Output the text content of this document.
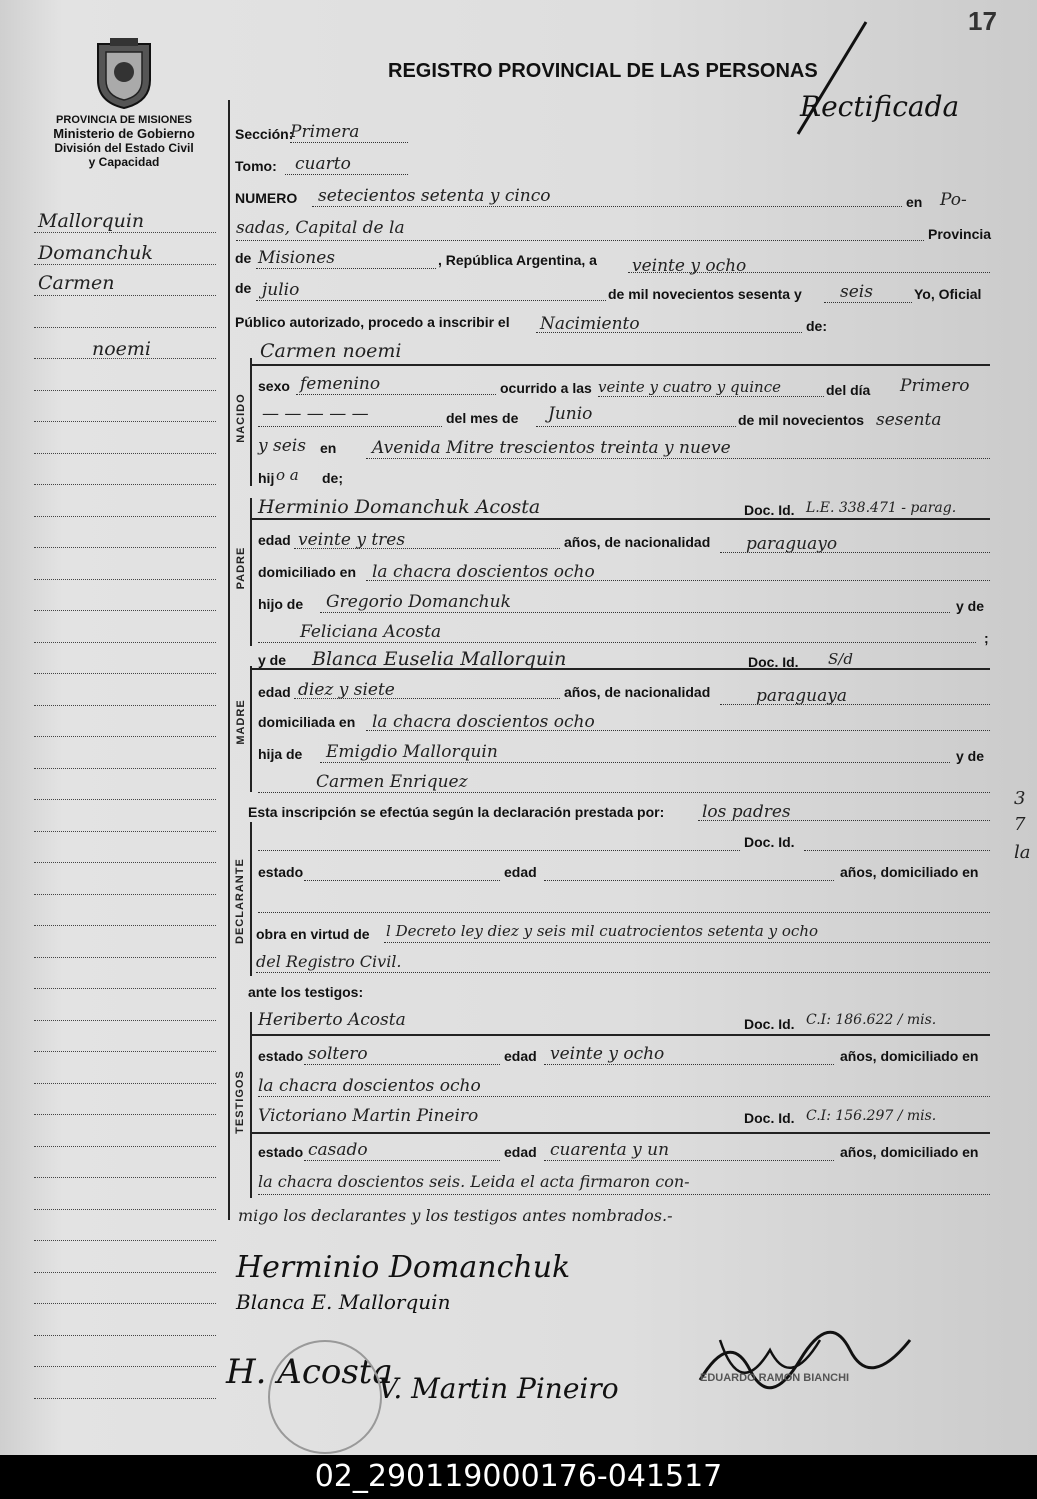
17
PROVINCIA DE MISIONES
Ministerio de Gobierno
División del Estado Civil
y Capacidad
REGISTRO PROVINCIAL DE LAS PERSONAS
Rectificada
Mallorquin
Domanchuk
Carmen
noemi
3
7
la
NACIDO
PADRE
MADRE
DECLARANTE
TESTIGOS
Sección:
Primera
Tomo: cuarto
NUMERO setecientos setenta y cinco	en Po-
sadas, Capital de la	Provincia
de Misiones	, República Argentina, a veinte y ocho
de julio	de mil novecientos sesenta y seis	Yo, Oficial
Público autorizado, procedo a inscribir el Nacimiento	de:
Carmen noemi
sexo femenino	ocurrido a las veinte y cuatro y quince	del día Primero
— — — — —	del mes de Junio	de mil novecientos sesenta
y seis en Avenida Mitre trescientos treinta y nueve
hij o a de;
Herminio Domanchuk Acosta	Doc. Id. L.E. 338.471 - parag.
edad veinte y tres	años, de nacionalidad paraguayo
domiciliado en la chacra doscientos ocho
hijo de Gregorio Domanchuk	y de
Feliciana Acosta	;
y de Blanca Euselia Mallorquin	Doc. Id. S/d
edad diez y siete	años, de nacionalidad	paraguaya
domiciliada en la chacra doscientos ocho
hija de Emigdio Mallorquin	y de
Carmen Enriquez
Esta inscripción se efectúa según la declaración prestada por: los padres
Doc. Id.
estado	edad	años, domiciliado en
obra en virtud de l Decreto ley diez y seis mil cuatrocientos setenta y ocho
del Registro Civil.
ante los testigos:
Heriberto Acosta	Doc. Id. C.I: 186.622 / mis.
estado soltero	edad veinte y ocho	años, domiciliado en
la chacra doscientos ocho
Victoriano Martin Pineiro	Doc. Id. C.I: 156.297 / mis.
estado casado	edad cuarenta y un	años, domiciliado en
la chacra doscientos seis. Leida el acta firmaron con-
migo los declarantes y los testigos antes nombrados.-
Herminio Domanchuk
Blanca E. Mallorquin
H. Acosta
V. Martin Pineiro	EDUARDO RAMON BIANCHI
02_290119000176-041517
